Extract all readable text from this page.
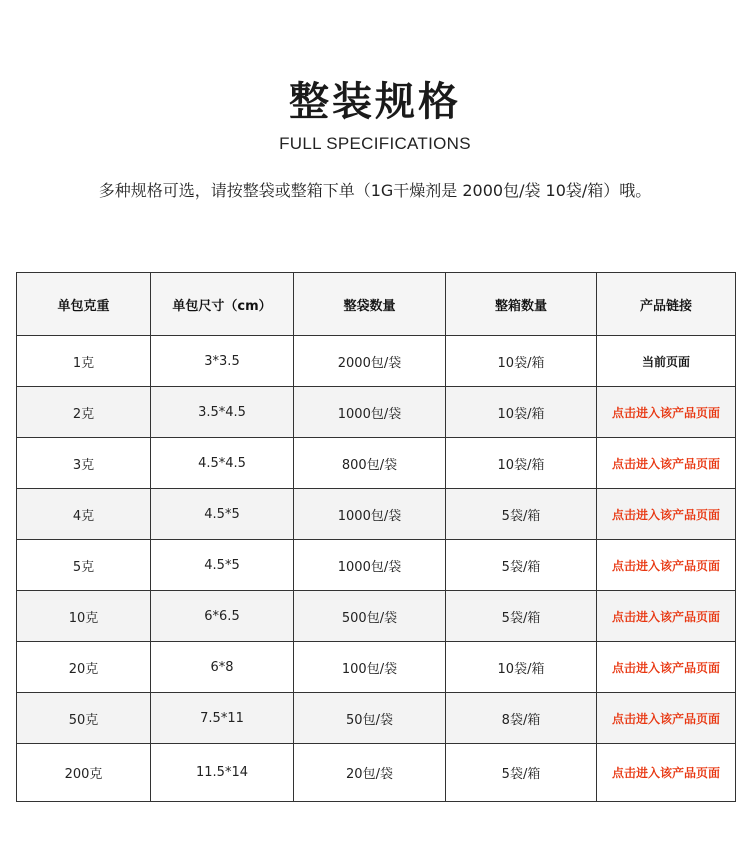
整装规格
FULL SPECIFICATIONS
多种规格可选，请按整袋或整箱下单（1G干燥剂是 2000包/袋 10袋/箱）哦。
单包克重	单包尺寸（cm）	整袋数量	整箱数量	产品链接
1克	3*3.5	2000包/袋	10袋/箱	当前页面
2克	3.5*4.5	1000包/袋	10袋/箱	点击进入该产品页面
3克	4.5*4.5	800包/袋	10袋/箱	点击进入该产品页面
4克	4.5*5	1000包/袋	5袋/箱	点击进入该产品页面
5克	4.5*5	1000包/袋	5袋/箱	点击进入该产品页面
10克	6*6.5	500包/袋	5袋/箱	点击进入该产品页面
20克	6*8	100包/袋	10袋/箱	点击进入该产品页面
50克	7.5*11	50包/袋	8袋/箱	点击进入该产品页面
200克	11.5*14	20包/袋	5袋/箱	点击进入该产品页面
